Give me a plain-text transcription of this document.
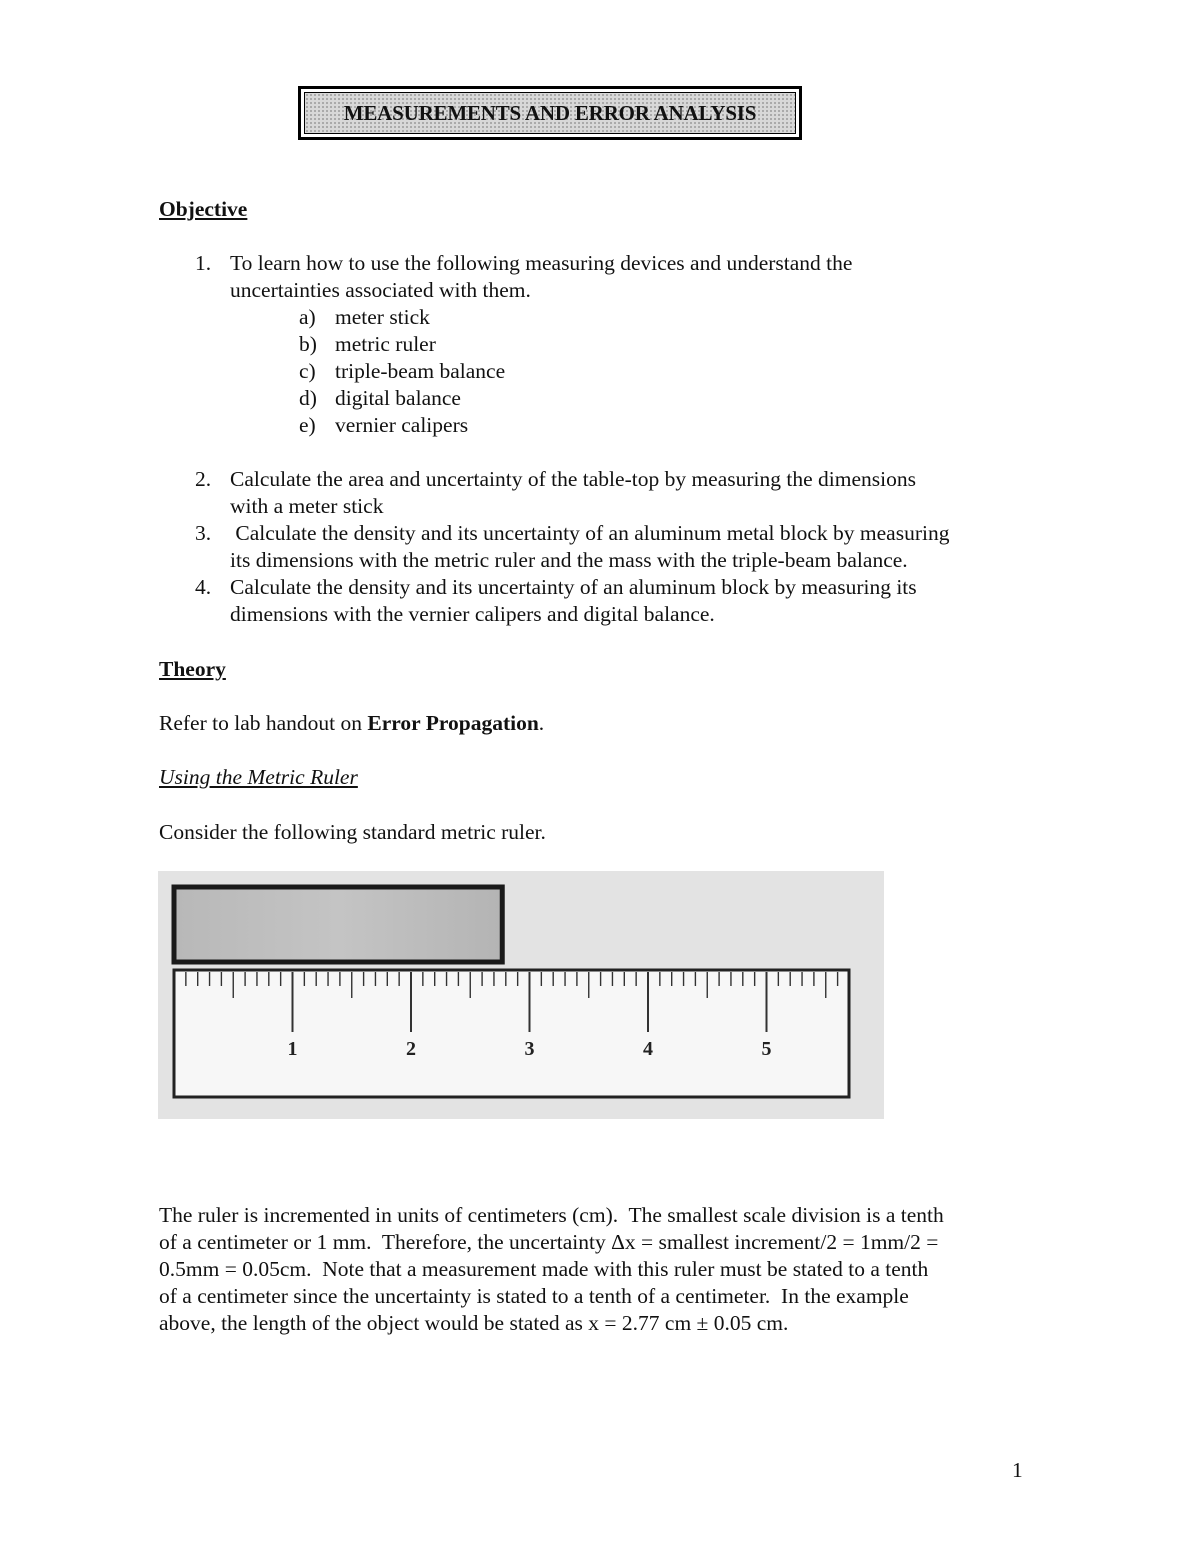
MEASUREMENTS AND ERROR ANALYSIS
Objective
1. To learn how to use the following measuring devices and understand the
uncertainties associated with them.
a) meter stick
b) metric ruler
c) triple-beam balance
d) digital balance
e) vernier calipers
2. Calculate the area and uncertainty of the table-top by measuring the dimensions
with a meter stick
3. Calculate the density and its uncertainty of an aluminum metal block by measuring
its dimensions with the metric ruler and the mass with the triple-beam balance.
4. Calculate the density and its uncertainty of an aluminum block by measuring its
dimensions with the vernier calipers and digital balance.
Theory
Refer to lab handout on Error Propagation.
Using the Metric Ruler
Consider the following standard metric ruler.
1	2	3	4	5
The ruler is incremented in units of centimeters (cm).  The smallest scale division is a tenth
of a centimeter or 1 mm.  Therefore, the uncertainty Δx = smallest increment/2 = 1mm/2 =
0.5mm = 0.05cm.  Note that a measurement made with this ruler must be stated to a tenth
of a centimeter since the uncertainty is stated to a tenth of a centimeter.  In the example
above, the length of the object would be stated as x = 2.77 cm ± 0.05 cm.
1
